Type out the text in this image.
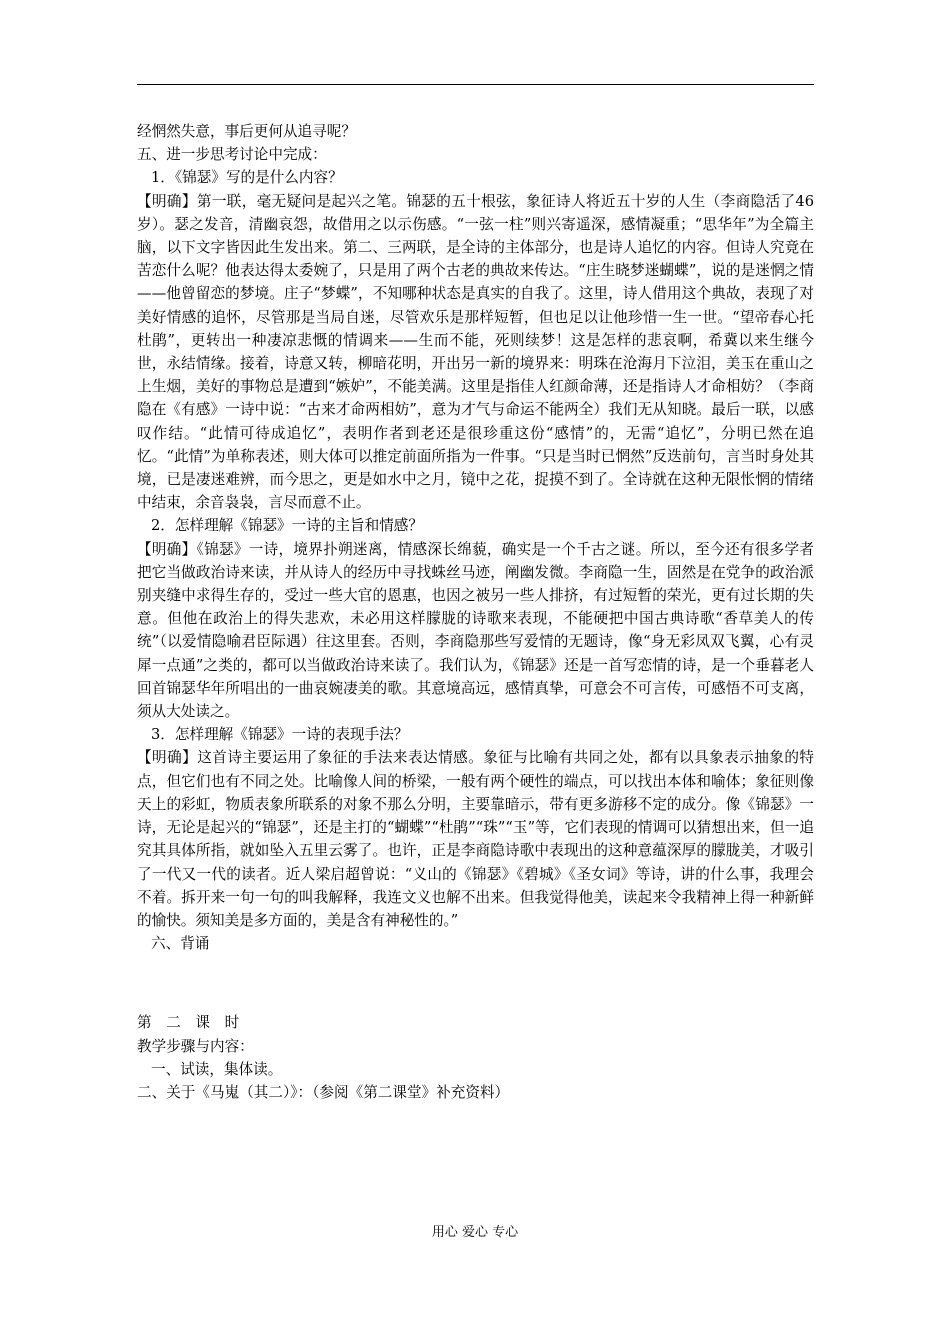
经惘然失意，事后更何从追寻呢？

五、进一步思考讨论中完成：

1．《锦瑟》写的是什么内容？

【明确】第一联，毫无疑问是起兴之笔。锦瑟的五十根弦，象征诗人将近五十岁的人生（李商隐活了46岁）。瑟之发音，清幽哀怨，故借用之以示伤感。“一弦一柱”则兴寄遥深，感情凝重；“思华年”为全篇主脑，以下文字皆因此生发出来。第二、三两联，是全诗的主体部分，也是诗人追忆的内容。但诗人究竟在苦恋什么呢？他表达得太委婉了，只是用了两个古老的典故来传达。“庄生晓梦迷蝴蝶”，说的是迷惘之情——他曾留恋的梦境。庄子“梦蝶”，不知哪种状态是真实的自我了。这里，诗人借用这个典故，表现了对美好情感的追怀，尽管那是当局自迷，尽管欢乐是那样短暂，但也足以让他珍惜一生一世。“望帝春心托杜鹃”，更转出一种凄凉悲慨的情调来——生而不能，死则续梦！这是怎样的悲哀啊，希冀以来生继今世，永结情缘。接着，诗意又转，柳暗花明，开出另一新的境界来：明珠在沧海月下泣泪，美玉在重山之上生烟，美好的事物总是遭到“嫉妒”，不能美满。这里是指佳人红颜命薄，还是指诗人才命相妨？（李商隐在《有感》一诗中说：“古来才命两相妨”，意为才气与命运不能两全）我们无从知晓。最后一联，以感叹作结。“此情可待成追忆”，表明作者到老还是很珍重这份“感情”的，无需“追忆”，分明已然在追忆。“此情”为单称表述，则大体可以推定前面所指为一件事。“只是当时已惘然”反迭前句，言当时身处其境，已是凄迷难辨，而今思之，更是如水中之月，镜中之花，捉摸不到了。全诗就在这种无限怅惘的情绪中结束，余音袅袅，言尽而意不止。

2．怎样理解《锦瑟》一诗的主旨和情感？

【明确】《锦瑟》一诗，境界扑朔迷离，情感深长绵藐，确实是一个千古之谜。所以，至今还有很多学者把它当做政治诗来读，并从诗人的经历中寻找蛛丝马迹，阐幽发微。李商隐一生，固然是在党争的政治派别夹缝中求得生存的，受过一些大官的恩惠，也因之被另一些人排挤，有过短暂的荣光，更有过长期的失意。但他在政治上的得失悲欢，未必用这样朦胧的诗歌来表现，不能硬把中国古典诗歌“香草美人的传统”（以爱情隐喻君臣际遇）往这里套。否则，李商隐那些写爱情的无题诗，像“身无彩凤双飞翼，心有灵犀一点通”之类的，都可以当做政治诗来读了。我们认为，《锦瑟》还是一首写恋情的诗，是一个垂暮老人回首锦瑟华年所唱出的一曲哀婉凄美的歌。其意境高远，感情真挚，可意会不可言传，可感悟不可支离，须从大处读之。

3．怎样理解《锦瑟》一诗的表现手法？

【明确】这首诗主要运用了象征的手法来表达情感。象征与比喻有共同之处，都有以具象表示抽象的特点，但它们也有不同之处。比喻像人间的桥梁，一般有两个硬性的端点，可以找出本体和喻体；象征则像天上的彩虹，物质表象所联系的对象不那么分明，主要靠暗示，带有更多游移不定的成分。像《锦瑟》一诗，无论是起兴的“锦瑟”，还是主打的“蝴蝶”“杜鹃”“珠”“玉”等，它们表现的情调可以猜想出来，但一追究其具体所指，就如坠入五里云雾了。也许，正是李商隐诗歌中表现出的这种意蕴深厚的朦胧美，才吸引了一代又一代的读者。近人梁启超曾说：“义山的《锦瑟》《碧城》《圣女词》等诗，讲的什么事，我理会不着。拆开来一句一句的叫我解释，我连文义也解不出来。但我觉得他美，读起来令我精神上得一种新鲜的愉快。须知美是多方面的，美是含有神秘性的。”

六、背诵

第　二　课　时

教学步骤与内容：

一、试读，集体读。

二、关于《马嵬（其二）》：（参阅《第二课堂》补充资料）

用心 爱心 专心
